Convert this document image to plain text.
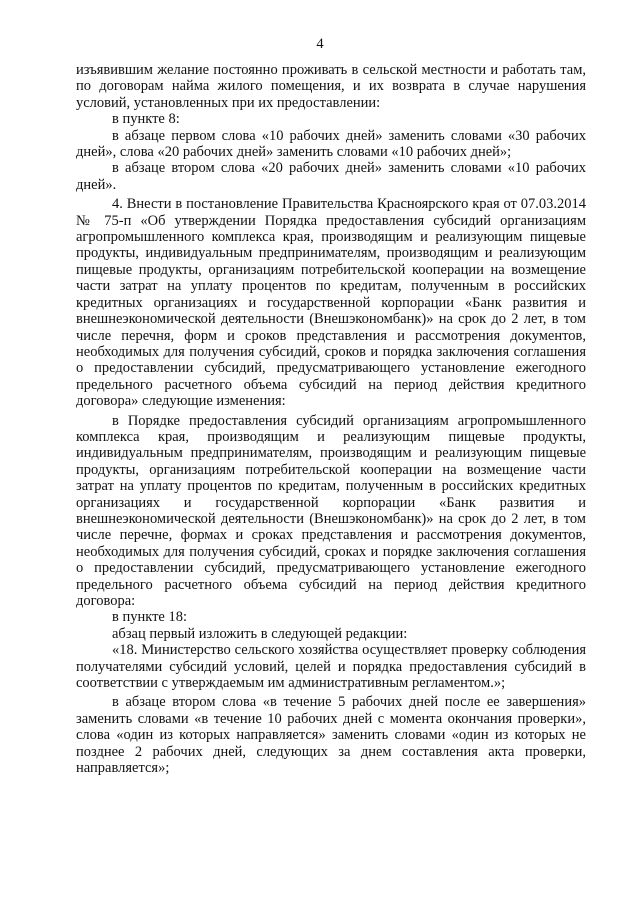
4

изъявившим желание постоянно проживать в сельской местности и работать там, по договорам найма жилого помещения, и их возврата в случае нарушения условий, установленных при их предоставлении:

в пункте 8:

в абзаце первом слова «10 рабочих дней» заменить словами «30 рабочих дней», слова «20 рабочих дней» заменить словами «10 рабочих дней»;

в абзаце втором слова «20 рабочих дней» заменить словами «10 рабочих дней».

4. Внести в постановление Правительства Красноярского края от 07.03.2014 № 75-п «Об утверждении Порядка предоставления субсидий организациям агропромышленного комплекса края, производящим и реализующим пищевые продукты, индивидуальным предпринимателям, производящим и реализующим пищевые продукты, организациям потребительской кооперации на возмещение части затрат на уплату процентов по кредитам, полученным в российских кредитных организациях и государственной корпорации «Банк развития и внешнеэкономической деятельности (Внешэкономбанк)» на срок до 2 лет, в том числе перечня, форм и сроков представления и рассмотрения документов, необходимых для получения субсидий, сроков и порядка заключения соглашения о предоставлении субсидий, предусматривающего установление ежегодного предельного расчетного объема субсидий на период действия кредитного договора» следующие изменения:

в Порядке предоставления субсидий организациям агропромышленного комплекса края, производящим и реализующим пищевые продукты, индивидуальным предпринимателям, производящим и реализующим пищевые продукты, организациям потребительской кооперации на возмещение части затрат на уплату процентов по кредитам, полученным в российских кредитных организациях и государственной корпорации «Банк развития и внешнеэкономической деятельности (Внешэкономбанк)» на срок до 2 лет, в том числе перечне, формах и сроках представления и рассмотрения документов, необходимых для получения субсидий, сроках и порядке заключения соглашения о предоставлении субсидий, предусматривающего установление ежегодного предельного расчетного объема субсидий на период действия кредитного договора:

в пункте 18:

абзац первый изложить в следующей редакции:

«18. Министерство сельского хозяйства осуществляет проверку соблюдения получателями субсидий условий, целей и порядка предоставления субсидий в соответствии с утверждаемым им административным регламентом.»;

в абзаце втором слова «в течение 5 рабочих дней после ее завершения» заменить словами «в течение 10 рабочих дней с момента окончания проверки», слова «один из которых направляется» заменить словами «один из которых не позднее 2 рабочих дней, следующих за днем составления акта проверки, направляется»;
